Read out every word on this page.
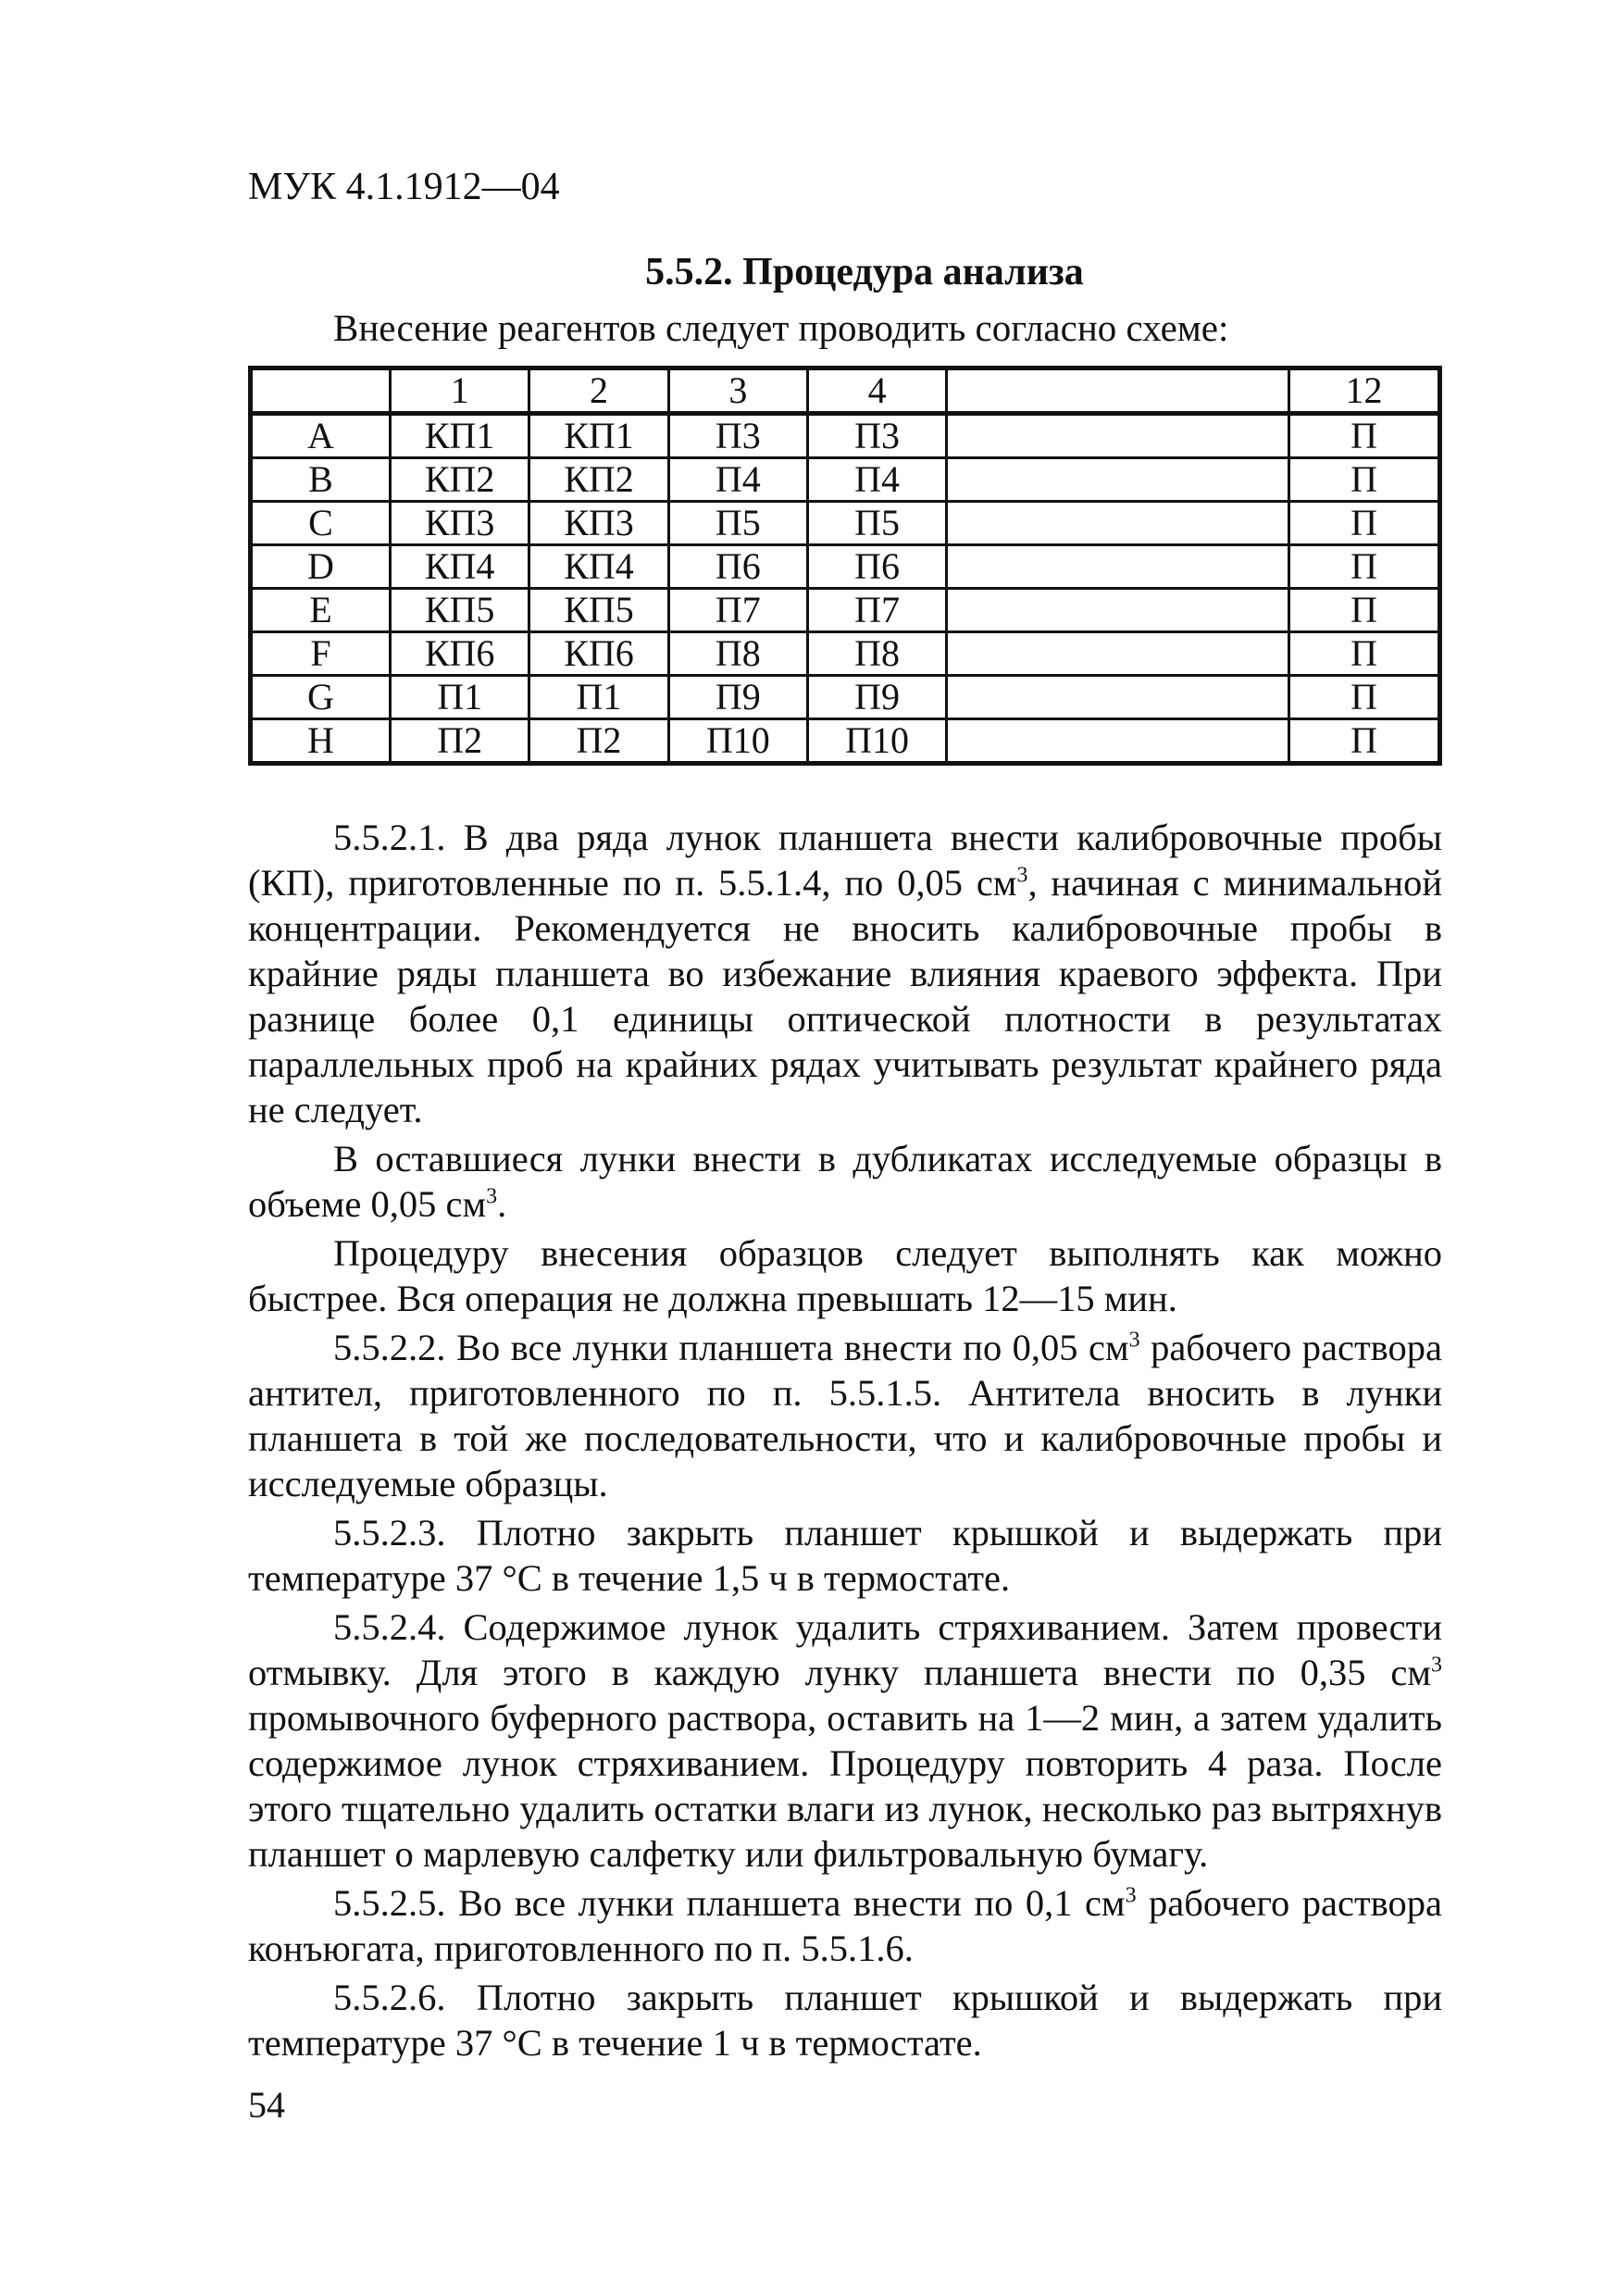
МУК 4.1.1912—04
5.5.2. Процедура анализа
Внесение реагентов следует проводить согласно схеме:
	1	2	3	4		12
A	КП1	КП1	П3	П3		П
B	КП2	КП2	П4	П4		П
C	КП3	КП3	П5	П5		П
D	КП4	КП4	П6	П6		П
E	КП5	КП5	П7	П7		П
F	КП6	КП6	П8	П8		П
G	П1	П1	П9	П9		П
H	П2	П2	П10	П10		П

5.5.2.1. В два ряда лунок планшета внести калибровочные пробы (КП), приготовленные по п. 5.5.1.4, по 0,05 $см^3$, начиная с минимальной концентрации. Рекомендуется не вносить калибровочные пробы в крайние ряды планшета во избежание влияния краевого эффекта. При разнице более 0,1 единицы оптической плотности в результатах параллельных проб на крайних рядах учитывать результат крайнего ряда не следует.

В оставшиеся лунки внести в дубликатах исследуемые образцы в объеме 0,05 $см^3$.

Процедуру внесения образцов следует выполнять как можно быстрее. Вся операция не должна превышать 12—15 мин.

5.5.2.2. Во все лунки планшета внести по 0,05 $см^3$ рабочего раствора антител, приготовленного по п. 5.5.1.5. Антитела вносить в лунки планшета в той же последовательности, что и калибровочные пробы и исследуемые образцы.

5.5.2.3. Плотно закрыть планшет крышкой и выдержать при температуре 37 °С в течение 1,5 ч в термостате.

5.5.2.4. Содержимое лунок удалить стряхиванием. Затем провести отмывку. Для этого в каждую лунку планшета внести по 0,35 $см^3$ промывочного буферного раствора, оставить на 1—2 мин, а затем удалить содержимое лунок стряхиванием. Процедуру повторить 4 раза. После этого тщательно удалить остатки влаги из лунок, несколько раз вытряхнув планшет о марлевую салфетку или фильтровальную бумагу.

5.5.2.5. Во все лунки планшета внести по 0,1 $см^3$ рабочего раствора конъюгата, приготовленного по п. 5.5.1.6.

5.5.2.6. Плотно закрыть планшет крышкой и выдержать при температуре 37 °С в течение 1 ч в термостате.

54
